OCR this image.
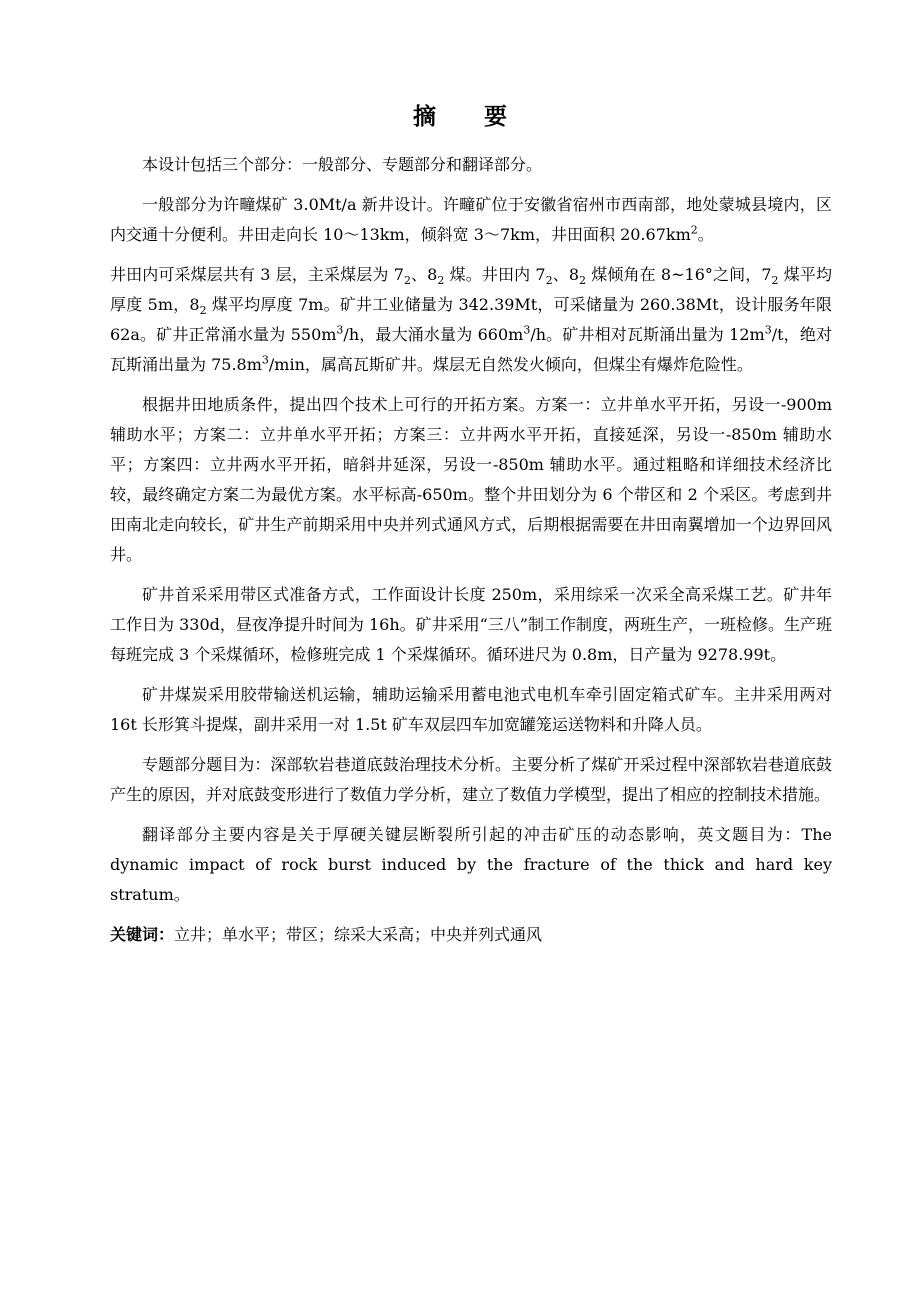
摘 要

本设计包括三个部分：一般部分、专题部分和翻译部分。

一般部分为许疃煤矿 3.0Mt/a 新井设计。许疃矿位于安徽省宿州市西南部，地处蒙城县境内，区内交通十分便利。井田走向长 10～13km，倾斜宽 3～7km，井田面积 $20.67km^2$。

井田内可采煤层共有 3 层，主采煤层为 $7_2$、$8_2$ 煤。井田内 $7_2$、$8_2$ 煤倾角在 8~16°之间，$7_2$ 煤平均厚度 5m，$8_2$ 煤平均厚度 7m。矿井工业储量为 342.39Mt，可采储量为 260.38Mt，设计服务年限 62a。矿井正常涌水量为 $550m^3/h$，最大涌水量为 $660m^3/h$。矿井相对瓦斯涌出量为 $12m^3/t$，绝对瓦斯涌出量为 $75.8m^3/\min$，属高瓦斯矿井。煤层无自然发火倾向，但煤尘有爆炸危险性。

根据井田地质条件，提出四个技术上可行的开拓方案。方案一：立井单水平开拓，另设一-900m 辅助水平；方案二：立井单水平开拓；方案三：立井两水平开拓，直接延深，另设一-850m 辅助水平；方案四：立井两水平开拓，暗斜井延深，另设一-850m 辅助水平。通过粗略和详细技术经济比较，最终确定方案二为最优方案。水平标高-650m。整个井田划分为 6 个带区和 2 个采区。考虑到井田南北走向较长，矿井生产前期采用中央并列式通风方式，后期根据需要在井田南翼增加一个边界回风井。

矿井首采采用带区式准备方式，工作面设计长度 250m，采用综采一次采全高采煤工艺。矿井年工作日为 330d，昼夜净提升时间为 16h。矿井采用“三八”制工作制度，两班生产，一班检修。生产班每班完成 3 个采煤循环，检修班完成 1 个采煤循环。循环进尺为 0.8m，日产量为 9278.99t。

矿井煤炭采用胶带输送机运输，辅助运输采用蓄电池式电机车牵引固定箱式矿车。主井采用两对 16t 长形箕斗提煤，副井采用一对 1.5t 矿车双层四车加宽罐笼运送物料和升降人员。

专题部分题目为：深部软岩巷道底鼓治理技术分析。主要分析了煤矿开采过程中深部软岩巷道底鼓产生的原因，并对底鼓变形进行了数值力学分析，建立了数值力学模型，提出了相应的控制技术措施。

翻译部分主要内容是关于厚硬关键层断裂所引起的冲击矿压的动态影响，英文题目为：The dynamic impact of rock burst induced by the fracture of the thick and hard key stratum。

关键词：立井；单水平；带区；综采大采高；中央并列式通风
